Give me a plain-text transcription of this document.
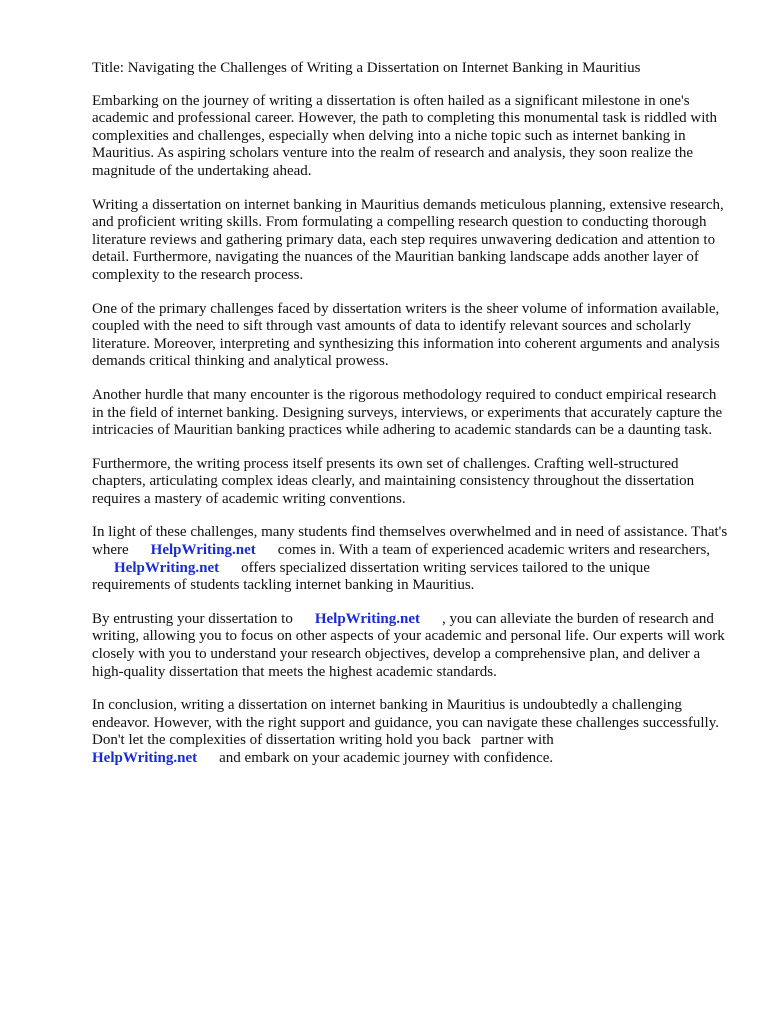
Title: Navigating the Challenges of Writing a Dissertation on Internet Banking in Mauritius

Embarking on the journey of writing a dissertation is often hailed as a significant milestone in one's academic and professional career. However, the path to completing this monumental task is riddled with complexities and challenges, especially when delving into a niche topic such as internet banking in Mauritius. As aspiring scholars venture into the realm of research and analysis, they soon realize the magnitude of the undertaking ahead.

Writing a dissertation on internet banking in Mauritius demands meticulous planning, extensive research, and proficient writing skills. From formulating a compelling research question to conducting thorough literature reviews and gathering primary data, each step requires unwavering dedication and attention to detail. Furthermore, navigating the nuances of the Mauritian banking landscape adds another layer of complexity to the research process.

One of the primary challenges faced by dissertation writers is the sheer volume of information available, coupled with the need to sift through vast amounts of data to identify relevant sources and scholarly literature. Moreover, interpreting and synthesizing this information into coherent arguments and analysis demands critical thinking and analytical prowess.

Another hurdle that many encounter is the rigorous methodology required to conduct empirical research in the field of internet banking. Designing surveys, interviews, or experiments that accurately capture the intricacies of Mauritian banking practices while adhering to academic standards can be a daunting task.

Furthermore, the writing process itself presents its own set of challenges. Crafting well-structured chapters, articulating complex ideas clearly, and maintaining consistency throughout the dissertation requires a mastery of academic writing conventions.

In light of these challenges, many students find themselves overwhelmed and in need of assistance. That's where HelpWriting.net comes in. With a team of experienced academic writers and researchers,HelpWriting.net offers specialized dissertation writing services tailored to the unique requirements of students tackling internet banking in Mauritius.

By entrusting your dissertation to HelpWriting.net , you can alleviate the burden of research and writing, allowing you to focus on other aspects of your academic and personal life. Our experts will work closely with you to understand your research objectives, develop a comprehensive plan, and deliver a high-quality dissertation that meets the highest academic standards.

In conclusion, writing a dissertation on internet banking in Mauritius is undoubtedly a challenging endeavor. However, with the right support and guidance, you can navigate these challenges successfully. Don't let the complexities of dissertation writing hold you back partner with
HelpWriting.net and embark on your academic journey with confidence.
